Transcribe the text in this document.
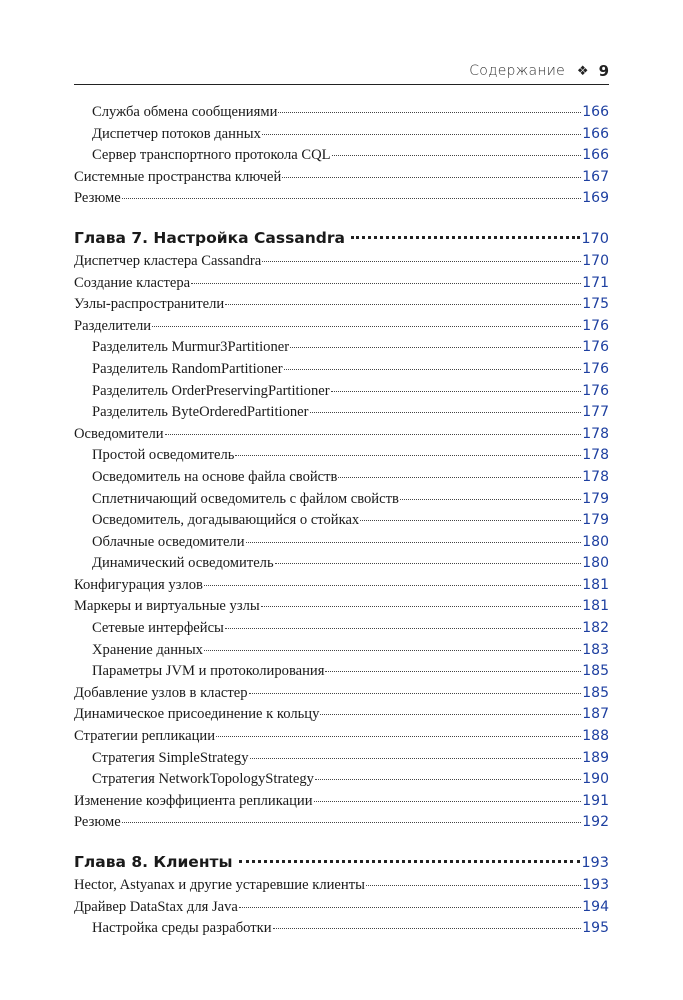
Содержание ❖ 9
Служба обмена сообщениями	166
Диспетчер потоков данных	166
Сервер транспортного протокола CQL	166
Системные пространства ключей	167
Резюме	169
Глава 7. Настройка Cassandra	170
Диспетчер кластера Cassandra	170
Создание кластера	171
Узлы-распространители	175
Разделители	176
Разделитель Murmur3Partitioner	176
Разделитель RandomPartitioner	176
Разделитель OrderPreservingPartitioner	176
Разделитель ByteOrderedPartitioner	177
Осведомители	178
Простой осведомитель	178
Осведомитель на основе файла свойств	178
Сплетничающий осведомитель с файлом свойств	179
Осведомитель, догадывающийся о стойках	179
Облачные осведомители	180
Динамический осведомитель	180
Конфигурация узлов	181
Маркеры и виртуальные узлы	181
Сетевые интерфейсы	182
Хранение данных	183
Параметры JVM и протоколирования	185
Добавление узлов в кластер	185
Динамическое присоединение к кольцу	187
Стратегии репликации	188
Стратегия SimpleStrategy	189
Стратегия NetworkTopologyStrategy	190
Изменение коэффициента репликации	191
Резюме	192
Глава 8. Клиенты	193
Hector, Astyanax и другие устаревшие клиенты	193
Драйвер DataStax для Java	194
Настройка среды разработки	195
